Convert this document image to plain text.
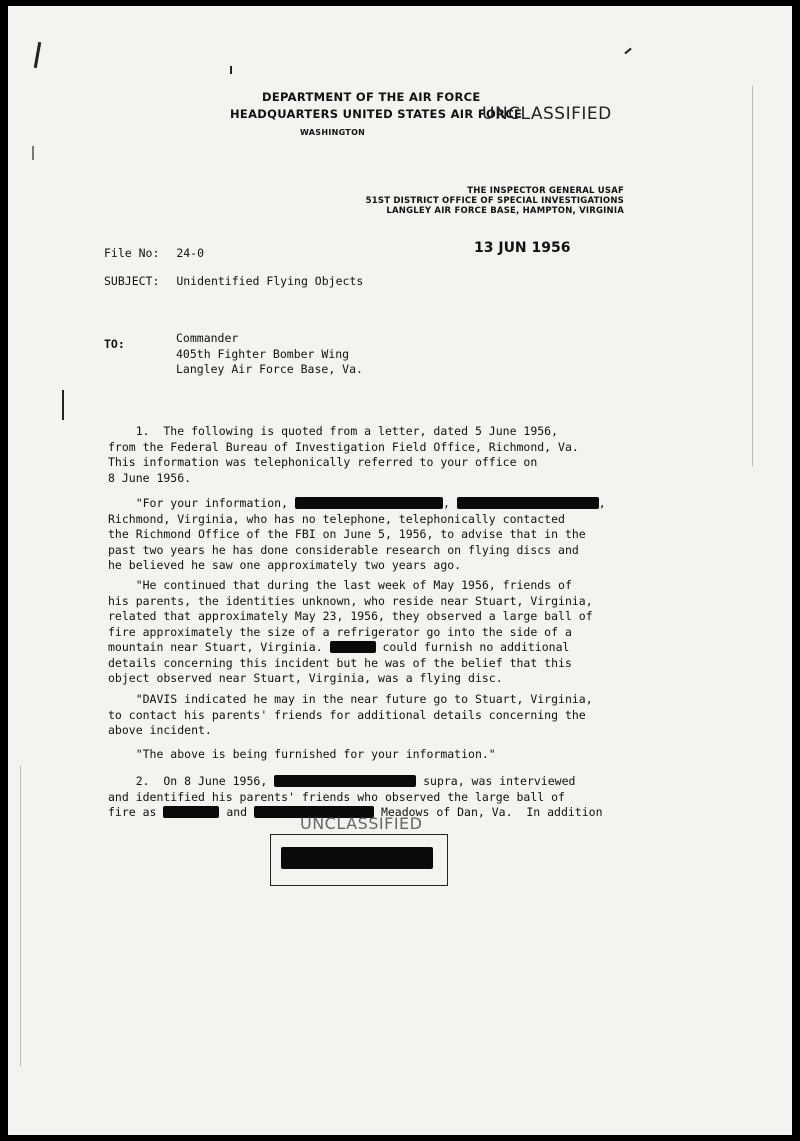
DEPARTMENT OF THE AIR FORCE
HEADQUARTERS UNITED STATES AIR FORCE
UNCLASSIFIED
WASHINGTON
THE INSPECTOR GENERAL USAF
51ST DISTRICT OFFICE OF SPECIAL INVESTIGATIONS
LANGLEY AIR FORCE BASE, HAMPTON, VIRGINIA
File No: 24-0	13 JUN 1956
SUBJECT: Unidentified Flying Objects
TO:	Commander
405th Fighter Bomber Wing
Langley Air Force Base, Va.
1.  The following is quoted from a letter, dated 5 June 1956,
from the Federal Bureau of Investigation Field Office, Richmond, Va.
This information was telephonically referred to your office on
8 June 1956.
"For your information,	,	,
Richmond, Virginia, who has no telephone, telephonically contacted
the Richmond Office of the FBI on June 5, 1956, to advise that in the
past two years he has done considerable research on flying discs and
he believed he saw one approximately two years ago.
"He continued that during the last week of May 1956, friends of
his parents, the identities unknown, who reside near Stuart, Virginia,
related that approximately May 23, 1956, they observed a large ball of
fire approximately the size of a refrigerator go into the side of a
mountain near Stuart, Virginia.	could furnish no additional
details concerning this incident but he was of the belief that this
object observed near Stuart, Virginia, was a flying disc.
"DAVIS indicated he may in the near future go to Stuart, Virginia,
to contact his parents' friends for additional details concerning the
above incident.
"The above is being furnished for your information."
2.  On 8 June 1956,	supra, was interviewed
and identified his parents' friends who observed the large ball of
fire as	and	Meadows of Dan, Va.  In addition
UNCLASSIFIED
